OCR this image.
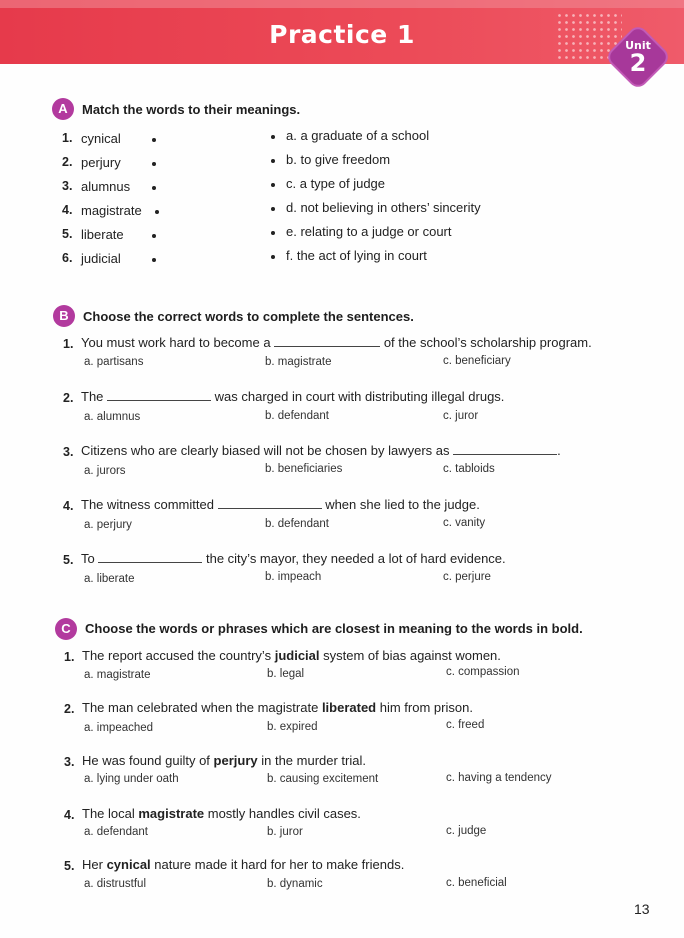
Practice 1	Unit
2
A	Match the words to their meanings.
1. cynical
2. perjury
3. alumnus
4. magistrate
5. liberate
6. judicial
a. a graduate of a school
b. to give freedom
c. a type of judge
d. not believing in others’ sincerity
e. relating to a judge or court
f. the act of lying in court
B	Choose the correct words to complete the sentences.
1. You must work hard to become a	of the school’s scholarship program.
a. partisans	b. magistrate	c. beneficiary
2. The	was charged in court with distributing illegal drugs.
a. alumnus	b. defendant	c. juror
3. Citizens who are clearly biased will not be chosen by lawyers as	.
a. jurors	b. beneficiaries	c. tabloids
4. The witness committed	when she lied to the judge.
a. perjury	b. defendant	c. vanity
5. To	the city’s mayor, they needed a lot of hard evidence.
a. liberate	b. impeach	c. perjure
C	Choose the words or phrases which are closest in meaning to the words in bold.
1. The report accused the country’s judicial system of bias against women.
a. magistrate	b. legal	c. compassion
2. The man celebrated when the magistrate liberated him from prison.
a. impeached	b. expired	c. freed
3. He was found guilty of perjury in the murder trial.
a. lying under oath	b. causing excitement	c. having a tendency
4. The local magistrate mostly handles civil cases.
a. defendant	b. juror	c. judge
5. Her cynical nature made it hard for her to make friends.
a. distrustful	b. dynamic	c. beneficial
13
